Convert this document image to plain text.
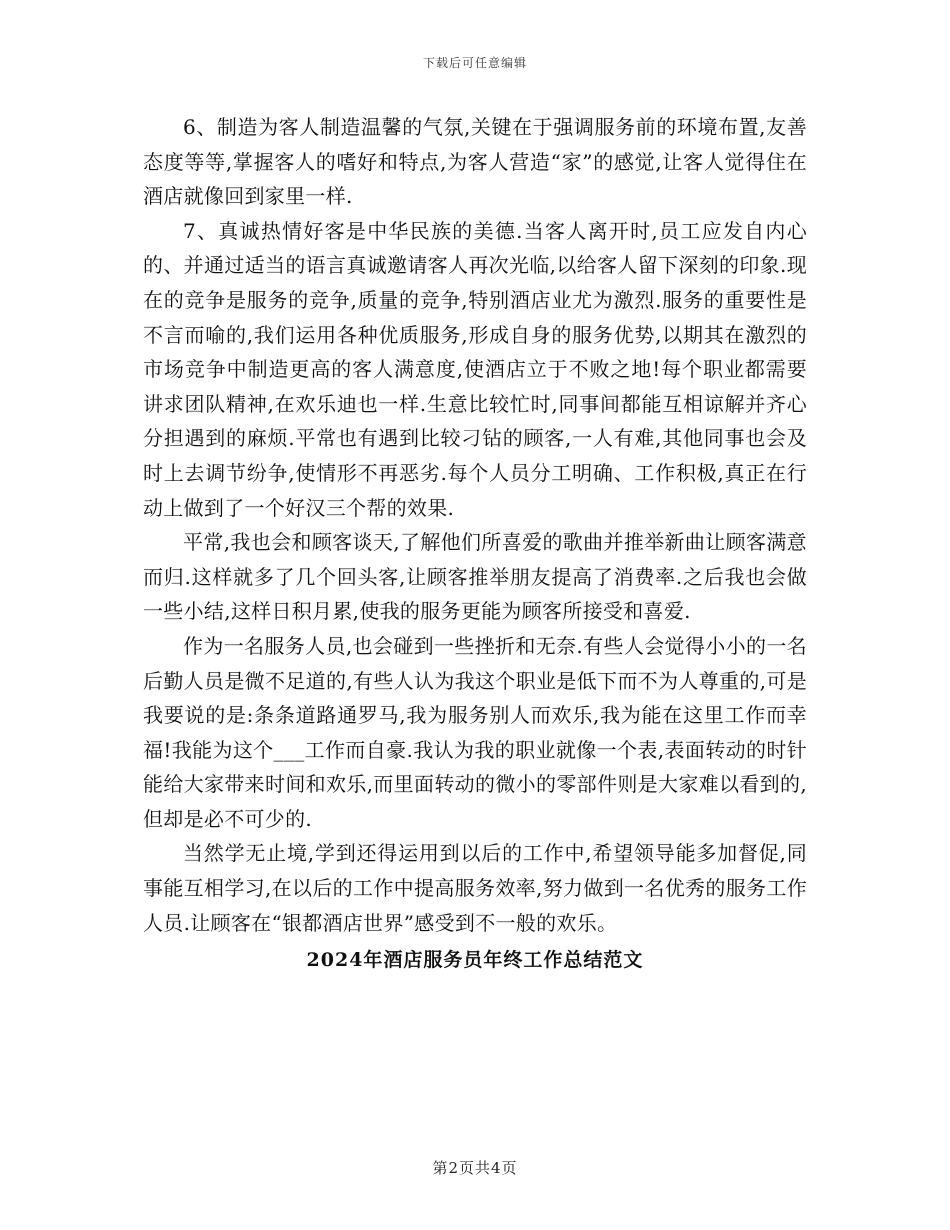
下载后可任意编辑

6、制造为客人制造温馨的气氛,关键在于强调服务前的环境布置,友善态度等等,掌握客人的嗜好和特点,为客人营造“家”的感觉,让客人觉得住在酒店就像回到家里一样.

7、真诚热情好客是中华民族的美德.当客人离开时,员工应发自内心的、并通过适当的语言真诚邀请客人再次光临,以给客人留下深刻的印象.现在的竞争是服务的竞争,质量的竞争,特别酒店业尤为激烈.服务的重要性是不言而喻的,我们运用各种优质服务,形成自身的服务优势,以期其在激烈的市场竞争中制造更高的客人满意度,使酒店立于不败之地!每个职业都需要讲求团队精神,在欢乐迪也一样.生意比较忙时,同事间都能互相谅解并齐心分担遇到的麻烦.平常也有遇到比较刁钻的顾客,一人有难,其他同事也会及时上去调节纷争,使情形不再恶劣.每个人员分工明确、工作积极,真正在行动上做到了一个好汉三个帮的效果.

平常,我也会和顾客谈天,了解他们所喜爱的歌曲并推举新曲让顾客满意而归.这样就多了几个回头客,让顾客推举朋友提高了消费率.之后我也会做一些小结,这样日积月累,使我的服务更能为顾客所接受和喜爱.

作为一名服务人员,也会碰到一些挫折和无奈.有些人会觉得小小的一名后勤人员是微不足道的,有些人认为我这个职业是低下而不为人尊重的,可是我要说的是:条条道路通罗马,我为服务别人而欢乐,我为能在这里工作而幸福!我能为这个___工作而自豪.我认为我的职业就像一个表,表面转动的时针能给大家带来时间和欢乐,而里面转动的微小的零部件则是大家难以看到的,但却是必不可少的.

当然学无止境,学到还得运用到以后的工作中,希望领导能多加督促,同事能互相学习,在以后的工作中提高服务效率,努力做到一名优秀的服务工作人员.让顾客在“银都酒店世界”感受到不一般的欢乐。

2024年酒店服务员年终工作总结范文
第2页共4页
